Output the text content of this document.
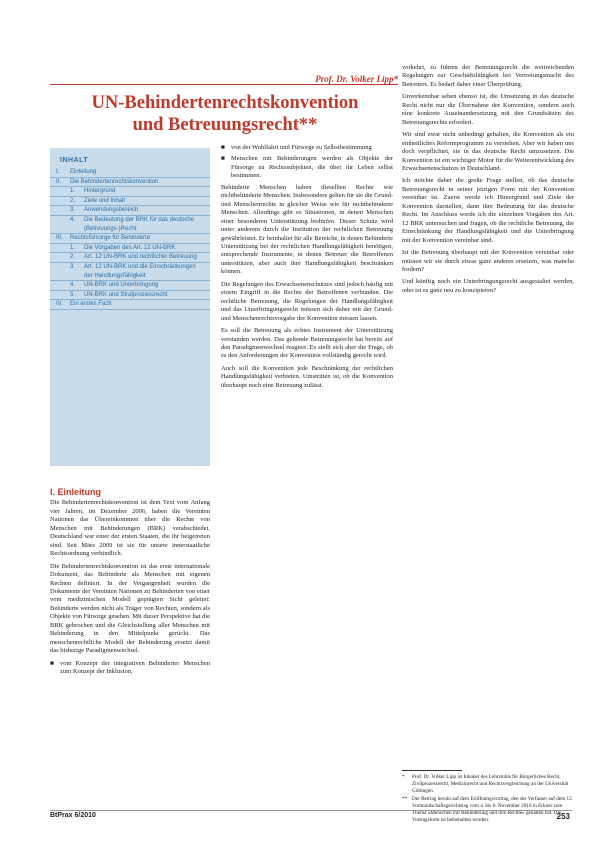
Prof. Dr. Volker Lipp*
UN-Behindertenrechtskonvention
und Betreuungsrecht**
INHALT
I.	Einleitung
II.	Die Behindertenrechtskonvention
1.	Hintergrund
2.	Ziele und Inhalt
3.	Anwendungsbereich
4.	Die Bedeutung der BRK für das deutsche (Betreuungs-)Recht
III.	Rechtsfürsorge für Behinderte
1.	Die Vorgaben des Art. 12 UN-BRK
2.	Art. 12 UN-BRK und rechtlicher Betreuung
3.	Art. 12 UN-BRK und die Einschränkungen der Handlungsfähigkeit
4.	UN-BRK und Unterbringung
5.	UN-BRK und Strafprozessrecht
IV.	Ein erstes Fazit
I. Einleitung

Die Behindertenrechtskonvention ist dem Text vom Anfang vier Jahren, im Dezember 2006, haben die Vereinten Nationen das Übereinkommen über die Rechte von Menschen mit Behinderungen (BRK) verabschiedet. Deutschland war einer der ersten Staaten, die ihr beigetreten sind. Seit März 2009 ist sie für unsere innerstaatliche Rechtsordnung verbindlich.

Die Behindertenrechtskonvention ist das erste internationale Dokument, das Behinderte als Menschen mit eigenen Rechten definiert. In der Vergangenheit wurden die Dokumente der Vereinten Nationen zu Behinderten von einer vom medizinischen Modell geprägten Sicht geleitet: Behinderte werden nicht als Träger von Rechten, sondern als Objekte von Fürsorge gesehen. Mit dieser Perspektive hat die BRK gebrochen und die Gleichstellung aller Menschen mit Behinderung in den Mittelpunkt gerückt. Das menschenrechtliche Modell der Behinderung ersetzt damit das bisherige Paradigmenwechsel.

■ vom Konzept der integrativen Behinderter Menschen zum Konzept der Inklusion,
■ von der Wohlfahrt und Fürsorge zu Selbstbestimmung
■ Menschen mit Behinderungen werden als Objekte der Fürsorge zu Rechtssubjekten, die über ihr Leben selbst bestimmen.

Behinderte Menschen haben dieselben Rechte wie nichtbehinderte Menschen. Insbesondere gelten für sie die Grund- und Menschenrechte in gleicher Weise wie für nichtbehinderte Menschen. Allerdings gibt es Situationen, in denen Menschen einer besonderen Unterstützung bedürfen. Dieser Schutz wird unter anderem durch die Institution der rechtlichen Betreuung gewährleistet. Er beinhaltet für alle Bereiche, in denen Behinderte Unterstützung bei der rechtlichen Handlungsfähigkeit benötigen, entsprechende Instrumente, in denen Betreuer die Betroffenen unterstützen, aber auch ihre Handlungsfähigkeit beschränken können.

Die Regelungen des Erwachsenenschutzes sind jedoch häufig mit einem Eingriff in die Rechte der Betroffenen verbunden. Die rechtliche Betreuung, die Regelungen der Handlungsfähigkeit und das Unterbringungsrecht müssen sich daher mit der Grund- und Menschenrechtsvorgabe der Konvention messen lassen.

Es soll die Betreuung als echtes Instrument der Unterstützung verstanden werden. Das geltende Betreuungsrecht hat bereits auf den Paradigmenwechsel reagiert. Es stellt sich aber die Frage, ob es den Anforderungen der Konvention vollständig gerecht wird.

Auch soll die Konvention jede Beschränkung der rechtlichen Handlungsfähigkeit verbieten. Umstritten ist, ob die Konvention überhaupt noch eine Betreuung zulässt.

vorkehrt, zu führen der Betreuungsrecht die weitreichenden Regelungen zur Geschäftsfähigkeit bei Vertretungsmacht des Betreuers. Es bedarf daher einer Überprüfung.

Unverkennbar sehen ebenso ist, die Umsetzung in das deutsche Recht nicht nur die Übernahme der Konvention, sondern auch eine konkrete Auseinandersetzung mit den Grundsätzen des Betreuungsrechts erfordert.

Wir sind zwar nicht unbedingt gehalten, die Konvention als ein einheitliches Reformprogramm zu verstehen. Aber wir haben uns doch verpflichtet, sie in das deutsche Recht umzusetzen. Die Konvention ist ein wichtiger Motor für die Weiterentwicklung des Erwachsenenschutzes in Deutschland.

Ich möchte daher die große Frage stellen, ob das deutsche Betreuungsrecht in seiner jetzigen Form mit der Konvention vereinbar ist. Zuerst werde ich Hintergrund und Ziele der Konvention darstellen, dann ihre Bedeutung für das deutsche Recht. Im Anschluss werde ich die einzelnen Vorgaben des Art. 12 BRK untersuchen und fragen, ob die rechtliche Betreuung, die Einschränkung der Handlungsfähigkeit und die Unterbringung mit der Konvention vereinbar sind.

Ist die Betreuung überhaupt mit der Konvention vereinbar oder müssen wir sie durch etwas ganz anderes ersetzen, was manche fordern?

Und künftig noch ein Unterbringungsrecht ausgestaltet werden, oder ist es ganz neu zu konzipieren?

*	Prof. Dr. Volker Lipp ist Inhaber des Lehrstuhls für Bürgerliches Recht, Zivilprozessrecht, Medizinrecht und Rechtsvergleichung an der Universität Göttingen.
** Der Beitrag beruht auf dem Eröffnungsvortrag, den der Verfasser auf dem 12. Vormundschaftsgerichtstag vom 4. bis 6. November 2010 in Erkner zum Thema »Menschen mit Behinderung und ihre Rechte« gehalten hat. Die Vortragsform ist beibehalten worden.
BtPrax 6/2010	253
